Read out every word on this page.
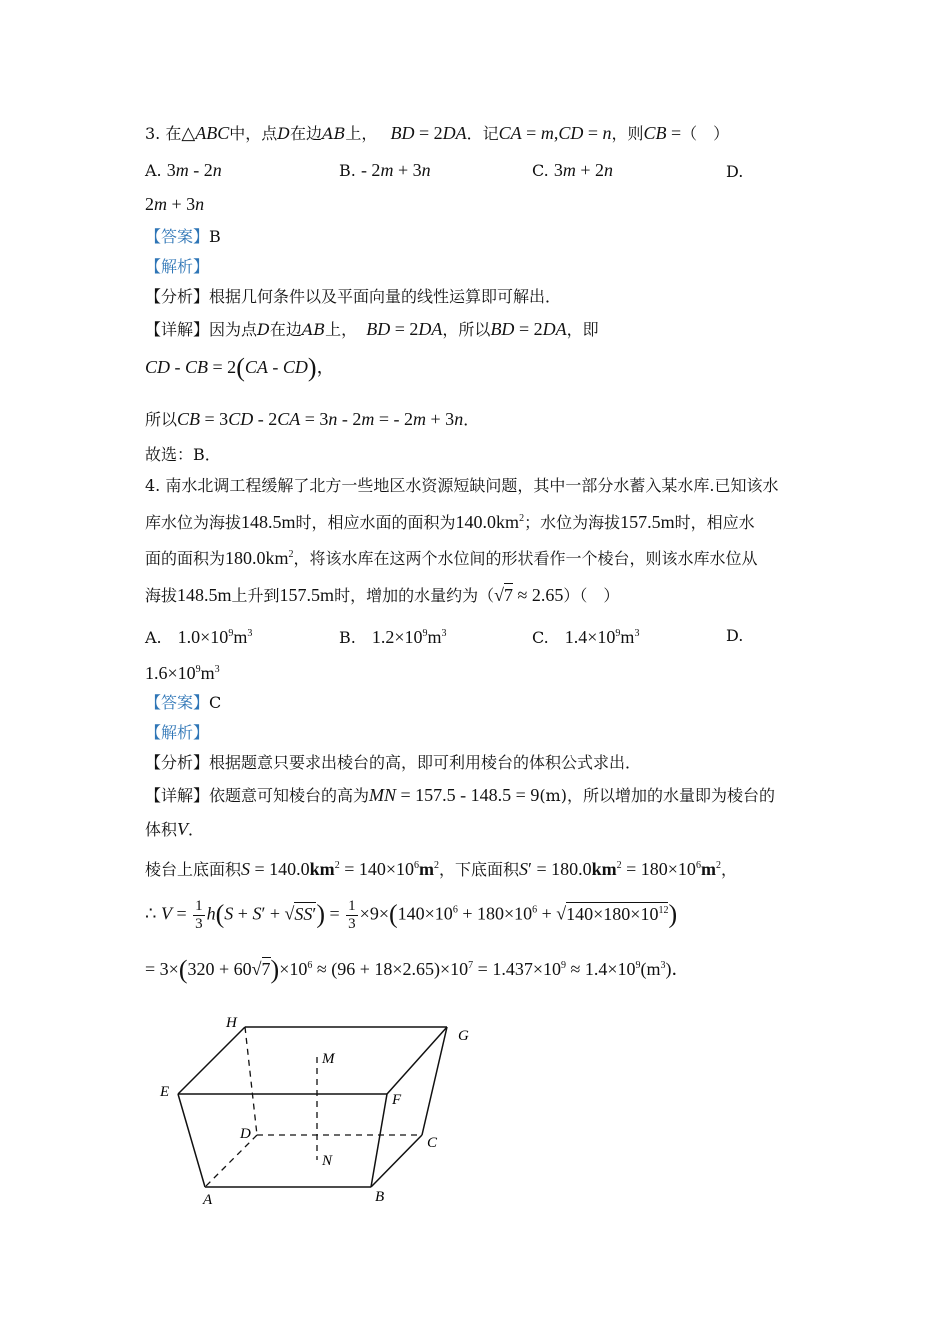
3. 在△ABC中，点D在边AB上， BD = 2DA．记CA = m,CD = n，则CB =（　）
A. 3m - 2n	B. - 2m + 3n	C. 3m + 2n	D.
2m + 3n
【答案】B
【解析】
【分析】根据几何条件以及平面向量的线性运算即可解出．
【详解】因为点D在边AB上， BD = 2DA，所以BD = 2DA，即
CD - CB = 2(CA - CD)，
所以CB = 3CD - 2CA = 3n - 2m = - 2m + 3n．
故选：B．
4. 南水北调工程缓解了北方一些地区水资源短缺问题，其中一部分水蓄入某水库.已知该水
库水位为海拔148.5m时，相应水面的面积为$140.0km^2$；水位为海拔157.5m时，相应水
面的面积为$180.0km^2$，将该水库在这两个水位间的形状看作一个棱台，则该水库水位从
海拔148.5m上升到157.5m时，增加的水量约为（√7 ≈ 2.65）（　）
A.　$1.0\times 10^9m^3$	B.　$1.2\times 10^9m^3$	C.　$1.4\times 10^9m^3$	D.
$1.6\times 10^9m^3$
【答案】C
【解析】
【分析】根据题意只要求出棱台的高，即可利用棱台的体积公式求出．
【详解】依题意可知棱台的高为MN = 157.5 - 148.5 = 9(m)，所以增加的水量即为棱台的
体积V．
棱台上底面积$S = 140.0km^2 = 140\times 10^6m^2$，下底面积$S' = 180.0km^2 = 180\times 10^6m^2$，
∴ $V = \frac{1}{3} h(S + S' + √SS') = \frac{1}{3} \times 9\times(140\times 10^6 + 180\times 10^6 + √140\times 180\times 10^{12})$
= $3\times(320 + 60√7)\times 10^6 \approx (96 + 18\times 2.65)\times 10^7 = 1.437\times 10^9 \approx 1.4\times 10^9(m^3)$．
H
G
M
E	F
D
C
N
A	B
